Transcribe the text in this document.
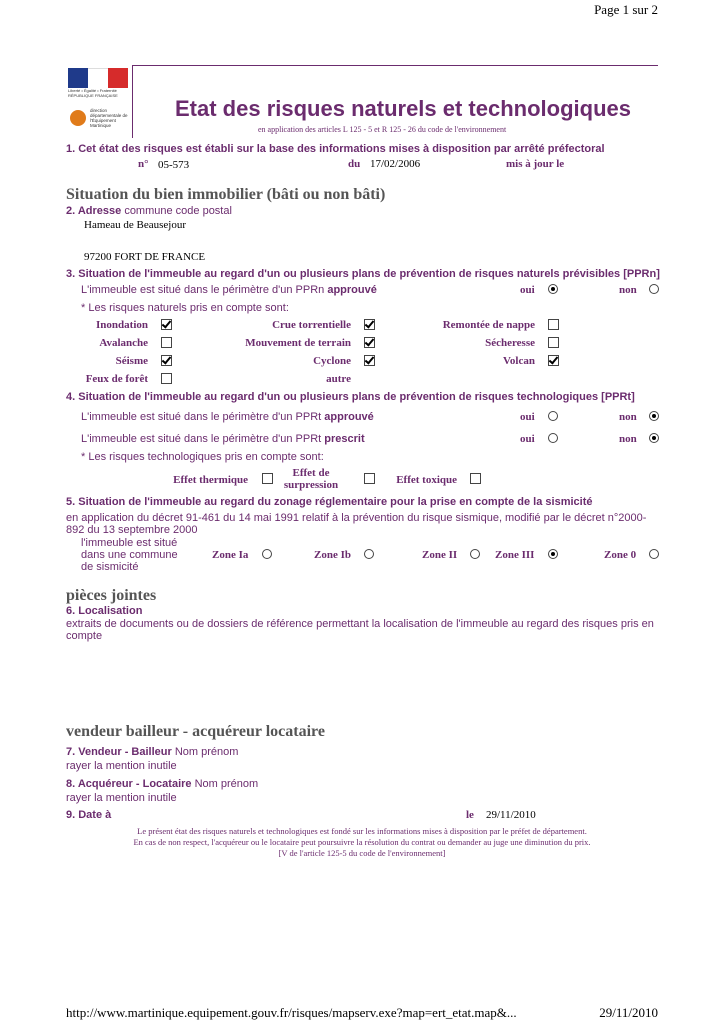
Page 1 sur 2
Liberté • Égalité • Fraternité RÉPUBLIQUE FRANÇAISE
direction départementale de l'Équipement Martinique
Etat des risques naturels et technologiques
en application des articles L 125 - 5 et R 125 - 26 du code de l'environnement
1. Cet état des risques est établi sur la base des informations mises à disposition par arrêté préfectoral
n° 05-573	du 17/02/2006	mis à jour le
Situation du bien immobilier (bâti ou non bâti)
2. Adresse commune code postal
Hameau de Beausejour
97200 FORT DE FRANCE
3. Situation de l'immeuble au regard d'un ou plusieurs plans de prévention de risques naturels prévisibles [PPRn]
L'immeuble est situé dans le périmètre d'un PPRn approuvé	oui	non
* Les risques naturels pris en compte sont:
Inondation	Crue torrentielle	Remontée de nappe
Avalanche	Mouvement de terrain	Sécheresse
Séisme	Cyclone	Volcan
Feux de forêt	autre
4. Situation de l'immeuble au regard d'un ou plusieurs plans de prévention de risques technologiques [PPRt]
L'immeuble est situé dans le périmètre d'un PPRt approuvé	oui	non
L'immeuble est situé dans le périmètre d'un PPRt prescrit	oui	non
* Les risques technologiques pris en compte sont:
Effet thermique
Effet de surpression	Effet toxique
5. Situation de l'immeuble au regard du zonage réglementaire pour la prise en compte de la sismicité
en application du décret 91-461 du 14 mai 1991 relatif à la prévention du risque sismique, modifié par le décret n°2000-892 du 13 septembre 2000
l'immeuble est situé dans une commune de sismicité
Zone Ia	Zone Ib	Zone II	Zone III	Zone 0
pièces jointes
6. Localisation
extraits de documents ou de dossiers de référence permettant la localisation de l'immeuble au regard des risques pris en compte
vendeur bailleur - acquéreur locataire
7. Vendeur - Bailleur Nom prénom
rayer la mention inutile
8. Acquéreur - Locataire Nom prénom
rayer la mention inutile
9. Date à	le 29/11/2010
Le présent état des risques naturels et technologiques est fondé sur les informations mises à disposition par le préfet de département.
En cas de non respect, l'acquéreur ou le locataire peut poursuivre la résolution du contrat ou demander au juge une diminution du prix.
[V de l'article 125-5 du code de l'environnement]
http://www.martinique.equipement.gouv.fr/risques/mapserv.exe?map=ert_etat.map&...	29/11/2010
